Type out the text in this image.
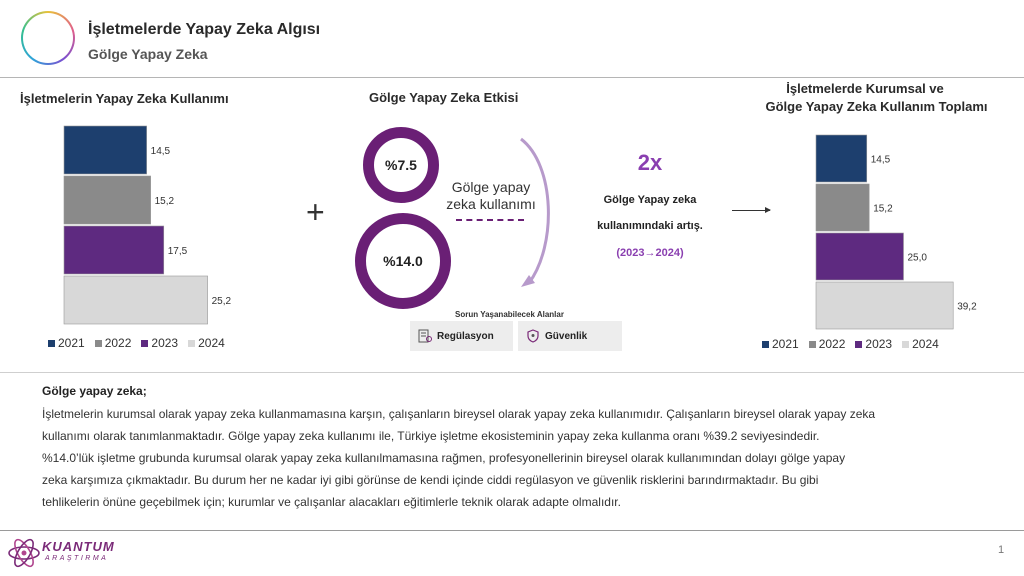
İşletmelerde Yapay Zeka Algısı
Gölge Yapay Zeka
İşletmelerin Yapay Zeka Kullanımı	Gölge Yapay Zeka Etkisi
İşletmelerde Kurumsal ve
Gölge Yapay Zeka Kullanım Toplamı
14,5
15,2
17,5
25,2
2021 2022 2023 2024
+
%7.5
%14.0
Gölge yapay
zeka kullanımı
2x
Gölge Yapay zeka
kullanımındaki artış.
(2023→2024)
Sorun Yaşanabilecek Alanlar
Regülasyon	Güvenlik
14,5
15,2
25,0
39,2
2021 2022 2023 2024
Gölge yapay zeka;

İşletmelerin kurumsal olarak yapay zeka kullanmamasına karşın, çalışanların bireysel olarak yapay zeka kullanımıdır. Çalışanların bireysel olarak yapay zeka

kullanımı olarak tanımlanmaktadır. Gölge yapay zeka kullanımı ile, Türkiye işletme ekosisteminin yapay zeka kullanma oranı %39.2 seviyesindedir.

%14.0’lük işletme grubunda kurumsal olarak yapay zeka kullanılmamasına rağmen, profesyonellerinin bireysel olarak kullanımından dolayı gölge yapay

zeka karşımıza çıkmaktadır. Bu durum her ne kadar iyi gibi görünse de kendi içinde ciddi regülasyon ve güvenlik risklerini barındırmaktadır. Bu gibi

tehlikelerin önüne geçebilmek için; kurumlar ve çalışanlar alacakları eğitimlerle teknik olarak adapte olmalıdır.

KUANTUM
ARAŞTIRMA
1
